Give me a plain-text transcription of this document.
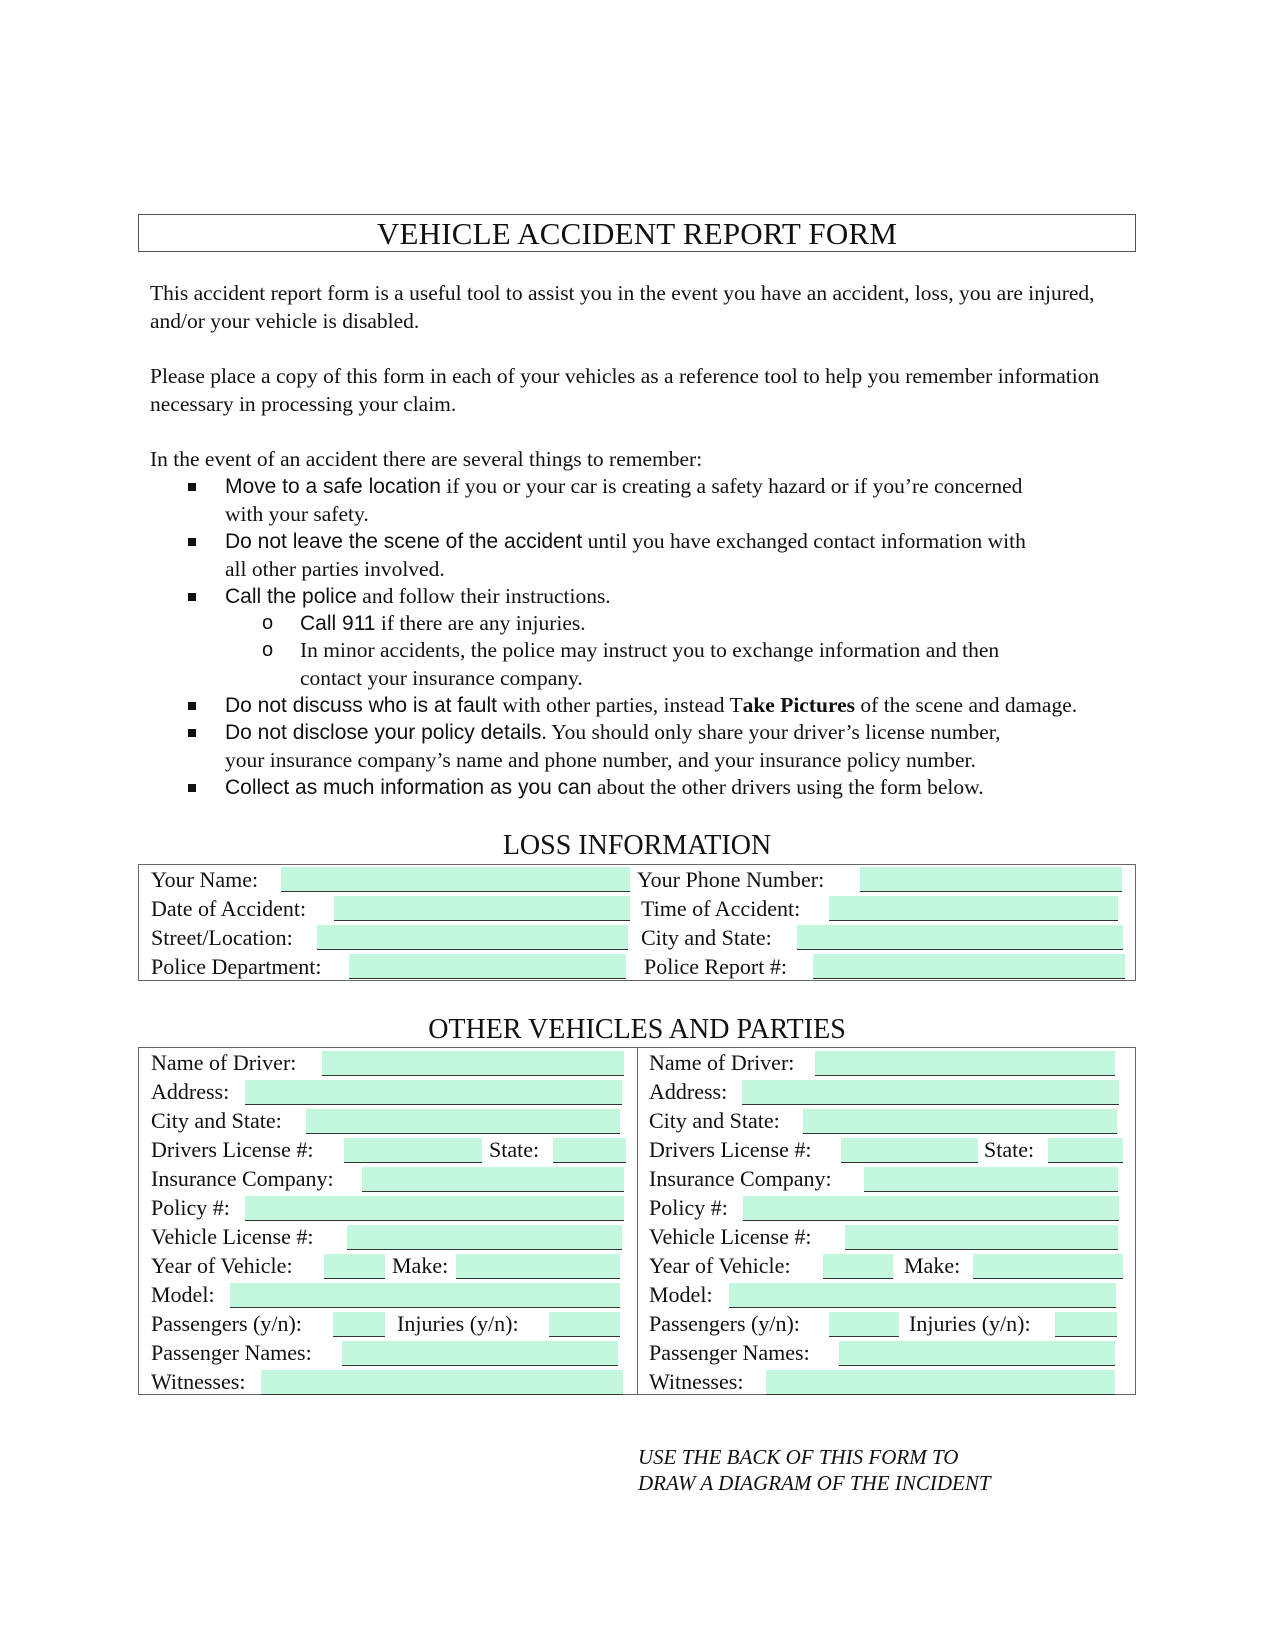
VEHICLE ACCIDENT REPORT FORM
This accident report form is a useful tool to assist you in the event you have an accident, loss, you are injured, and/or your vehicle is disabled.
Please place a copy of this form in each of your vehicles as a reference tool to help you remember information necessary in processing your claim.
In the event of an accident there are several things to remember:
Move to a safe location if you or your car is creating a safety hazard or if you’re concerned
with your safety.
Do not leave the scene of the accident until you have exchanged contact information with
all other parties involved.
Call the police and follow their instructions.
o Call 911 if there are any injuries.
o In minor accidents, the police may instruct you to exchange information and then
contact your insurance company.
Do not discuss who is at fault with other parties, instead Take Pictures of the scene and damage.
Do not disclose your policy details. You should only share your driver’s license number,
your insurance company’s name and phone number, and your insurance policy number.
Collect as much information as you can about the other drivers using the form below.
LOSS INFORMATION
Your Name:	Your Phone Number:
Date of Accident:	Time of Accident:
Street/Location:	City and State:
Police Department:	Police Report #:
OTHER VEHICLES AND PARTIES
Name of Driver:
Address:
City and State:
Drivers License #:	State:
Insurance Company:
Policy #:
Vehicle License #:
Year of Vehicle:	Make:
Model:
Passengers (y/n):	Injuries (y/n):
Passenger Names:
Witnesses:
Name of Driver:
Address:
City and State:
Drivers License #:	State:
Insurance Company:
Policy #:
Vehicle License #:
Year of Vehicle:	Make:
Model:
Passengers (y/n):	Injuries (y/n):
Passenger Names:
Witnesses:
USE THE BACK OF THIS FORM TO
DRAW A DIAGRAM OF THE INCIDENT
